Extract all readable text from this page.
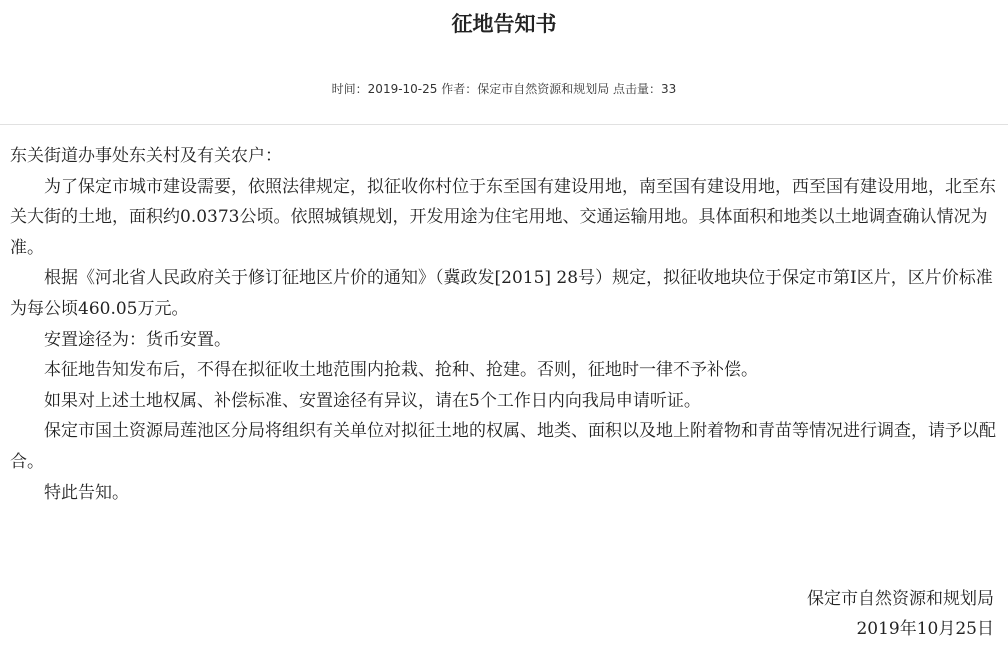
征地告知书
时间：2019-10-25 作者：保定市自然资源和规划局 点击量：33

东关街道办事处东关村及有关农户：

为了保定市城市建设需要，依照法律规定，拟征收你村位于东至国有建设用地，南至国有建设用地，西至国有建设用地，北至东关大街的土地，面积约0.0373公顷。依照城镇规划，开发用途为住宅用地、交通运输用地。具体面积和地类以土地调查确认情况为准。

根据《河北省人民政府关于修订征地区片价的通知》（冀政发[2015] 28号）规定，拟征收地块位于保定市第Ⅰ区片，区片价标准为每公顷460.05万元。

安置途径为：货币安置。

本征地告知发布后，不得在拟征收土地范围内抢栽、抢种、抢建。否则，征地时一律不予补偿。

如果对上述土地权属、补偿标准、安置途径有异议，请在5个工作日内向我局申请听证。

保定市国土资源局莲池区分局将组织有关单位对拟征土地的权属、地类、面积以及地上附着物和青苗等情况进行调查，请予以配合。

特此告知。

保定市自然资源和规划局
2019年10月25日
